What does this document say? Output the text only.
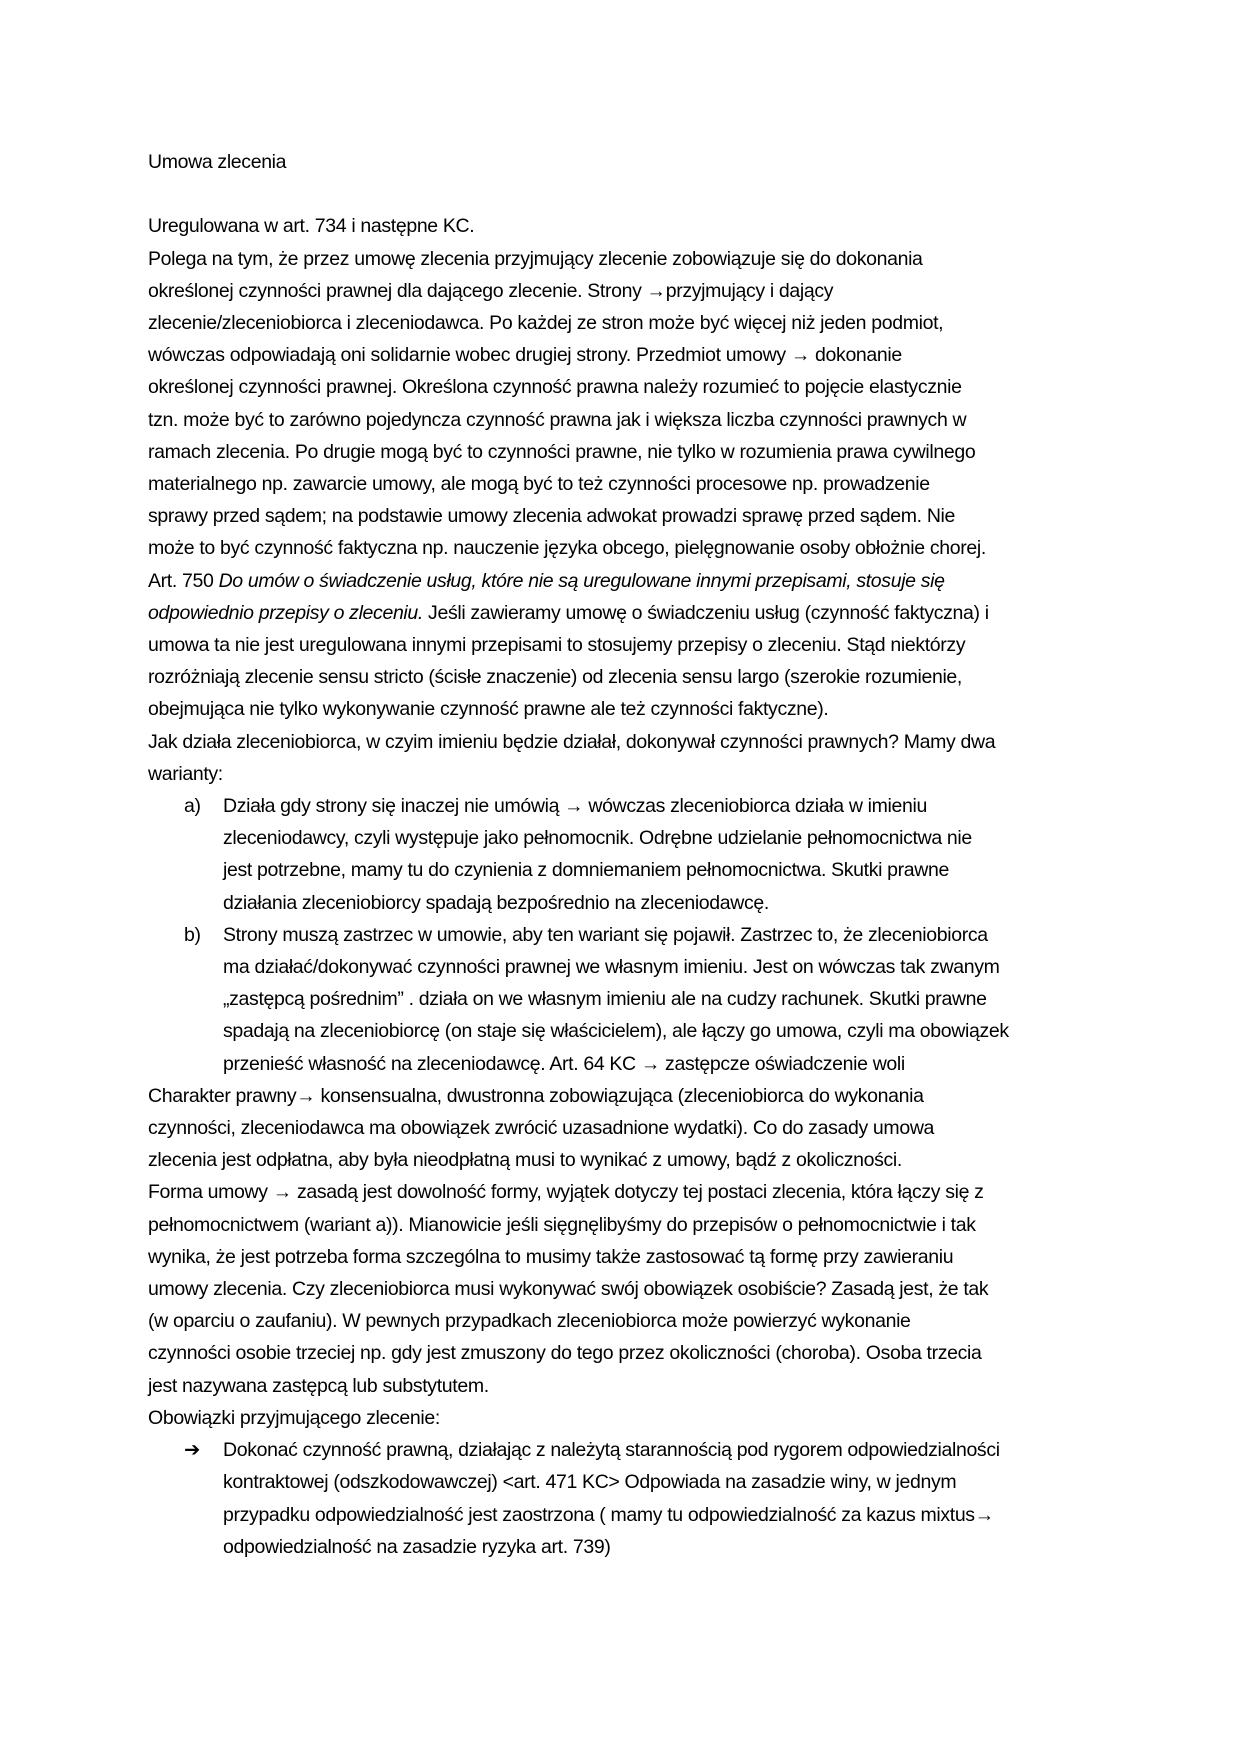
Umowa zlecenia
Uregulowana w art. 734 i następne KC.
Polega na tym, że przez umowę zlecenia przyjmujący zlecenie zobowiązuje się do dokonania
określonej czynności prawnej dla dającego zlecenie. Strony →przyjmujący i dający
zlecenie/zleceniobiorca i zleceniodawca. Po każdej ze stron może być więcej niż jeden podmiot,
wówczas odpowiadają oni solidarnie wobec drugiej strony. Przedmiot umowy → dokonanie
określonej czynności prawnej. Określona czynność prawna należy rozumieć to pojęcie elastycznie
tzn. może być to zarówno pojedyncza czynność prawna jak i większa liczba czynności prawnych w
ramach zlecenia. Po drugie mogą być to czynności prawne, nie tylko w rozumienia prawa cywilnego
materialnego np. zawarcie umowy, ale mogą być to też czynności procesowe np. prowadzenie
sprawy przed sądem; na podstawie umowy zlecenia adwokat prowadzi sprawę przed sądem. Nie
może to być czynność faktyczna np. nauczenie języka obcego, pielęgnowanie osoby obłożnie chorej.
Art. 750 Do umów o świadczenie usług, które nie są uregulowane innymi przepisami, stosuje się
odpowiednio przepisy o zleceniu. Jeśli zawieramy umowę o świadczeniu usług (czynność faktyczna) i
umowa ta nie jest uregulowana innymi przepisami to stosujemy przepisy o zleceniu. Stąd niektórzy
rozróżniają zlecenie sensu stricto (ścisłe znaczenie) od zlecenia sensu largo (szerokie rozumienie,
obejmująca nie tylko wykonywanie czynność prawne ale też czynności faktyczne).
Jak działa zleceniobiorca, w czyim imieniu będzie działał, dokonywał czynności prawnych? Mamy dwa
warianty:
a) Działa gdy strony się inaczej nie umówią → wówczas zleceniobiorca działa w imieniu
zleceniodawcy, czyli występuje jako pełnomocnik. Odrębne udzielanie pełnomocnictwa nie
jest potrzebne, mamy tu do czynienia z domniemaniem pełnomocnictwa. Skutki prawne
działania zleceniobiorcy spadają bezpośrednio na zleceniodawcę.
b) Strony muszą zastrzec w umowie, aby ten wariant się pojawił. Zastrzec to, że zleceniobiorca
ma działać/dokonywać czynności prawnej we własnym imieniu. Jest on wówczas tak zwanym
„zastępcą pośrednim” . działa on we własnym imieniu ale na cudzy rachunek. Skutki prawne
spadają na zleceniobiorcę (on staje się właścicielem), ale łączy go umowa, czyli ma obowiązek
przenieść własność na zleceniodawcę. Art. 64 KC → zastępcze oświadczenie woli
Charakter prawny→ konsensualna, dwustronna zobowiązująca (zleceniobiorca do wykonania
czynności, zleceniodawca ma obowiązek zwrócić uzasadnione wydatki). Co do zasady umowa
zlecenia jest odpłatna, aby była nieodpłatną musi to wynikać z umowy, bądź z okoliczności.
Forma umowy → zasadą jest dowolność formy, wyjątek dotyczy tej postaci zlecenia, która łączy się z
pełnomocnictwem (wariant a)). Mianowicie jeśli sięgnęlibyśmy do przepisów o pełnomocnictwie i tak
wynika, że jest potrzeba forma szczególna to musimy także zastosować tą formę przy zawieraniu
umowy zlecenia. Czy zleceniobiorca musi wykonywać swój obowiązek osobiście? Zasadą jest, że tak
(w oparciu o zaufaniu). W pewnych przypadkach zleceniobiorca może powierzyć wykonanie
czynności osobie trzeciej np. gdy jest zmuszony do tego przez okoliczności (choroba). Osoba trzecia
jest nazywana zastępcą lub substytutem.
Obowiązki przyjmującego zlecenie:
➔ Dokonać czynność prawną, działając z należytą starannością pod rygorem odpowiedzialności
kontraktowej (odszkodowawczej) <art. 471 KC> Odpowiada na zasadzie winy, w jednym
przypadku odpowiedzialność jest zaostrzona ( mamy tu odpowiedzialność za kazus mixtus→
odpowiedzialność na zasadzie ryzyka art. 739)
